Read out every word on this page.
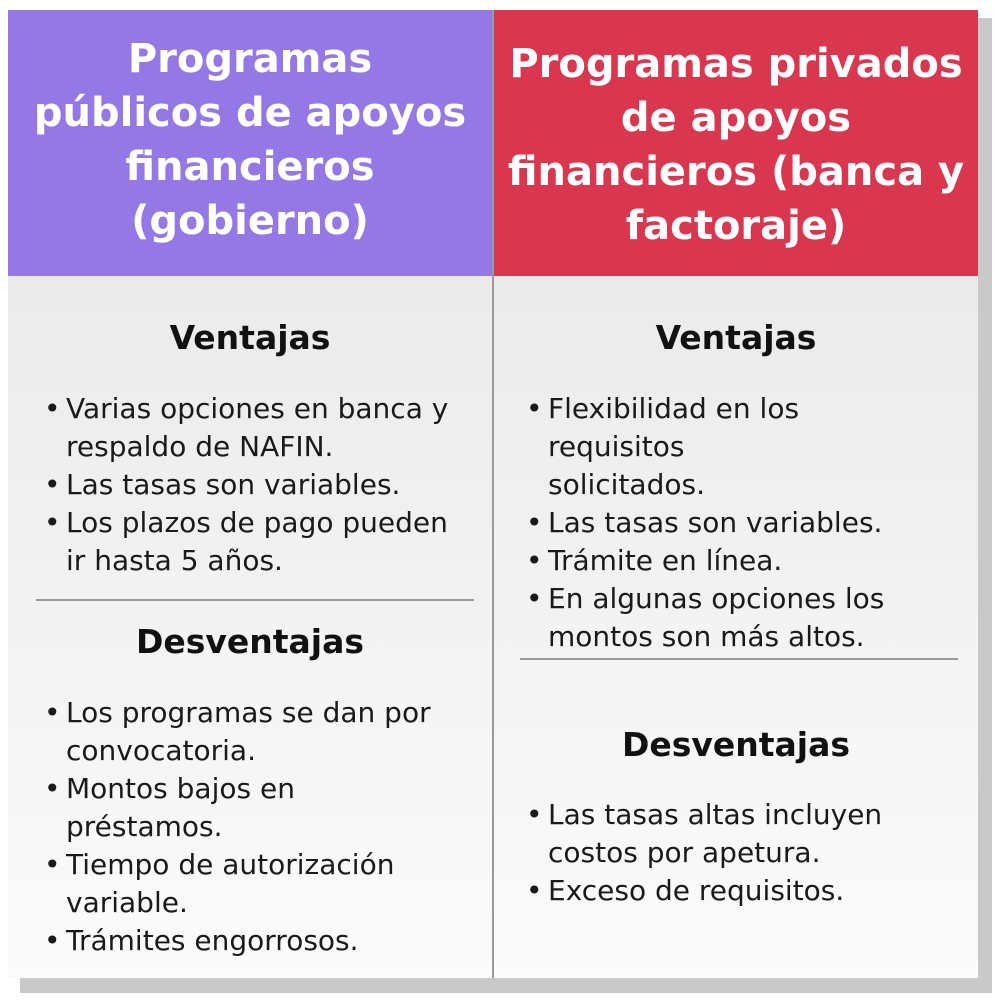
Programas públicos de apoyos financieros (gobierno)
Ventajas
• Varias opciones en banca y respaldo de NAFIN.
• Las tasas son variables.
• Los plazos de pago pueden ir hasta 5 años.
Desventajas
• Los programas se dan por convocatoria.
• Montos bajos en préstamos.
• Tiempo de autorización variable.
• Trámites engorrosos.
Programas privados de apoyos financieros (banca y factoraje)
Ventajas
• Flexibilidad en los requisitos solicitados.
• Las tasas son variables.
• Trámite en línea.
• En algunas opciones los montos son más altos.
Desventajas
• Las tasas altas incluyen costos por apetura.
• Exceso de requisitos.
